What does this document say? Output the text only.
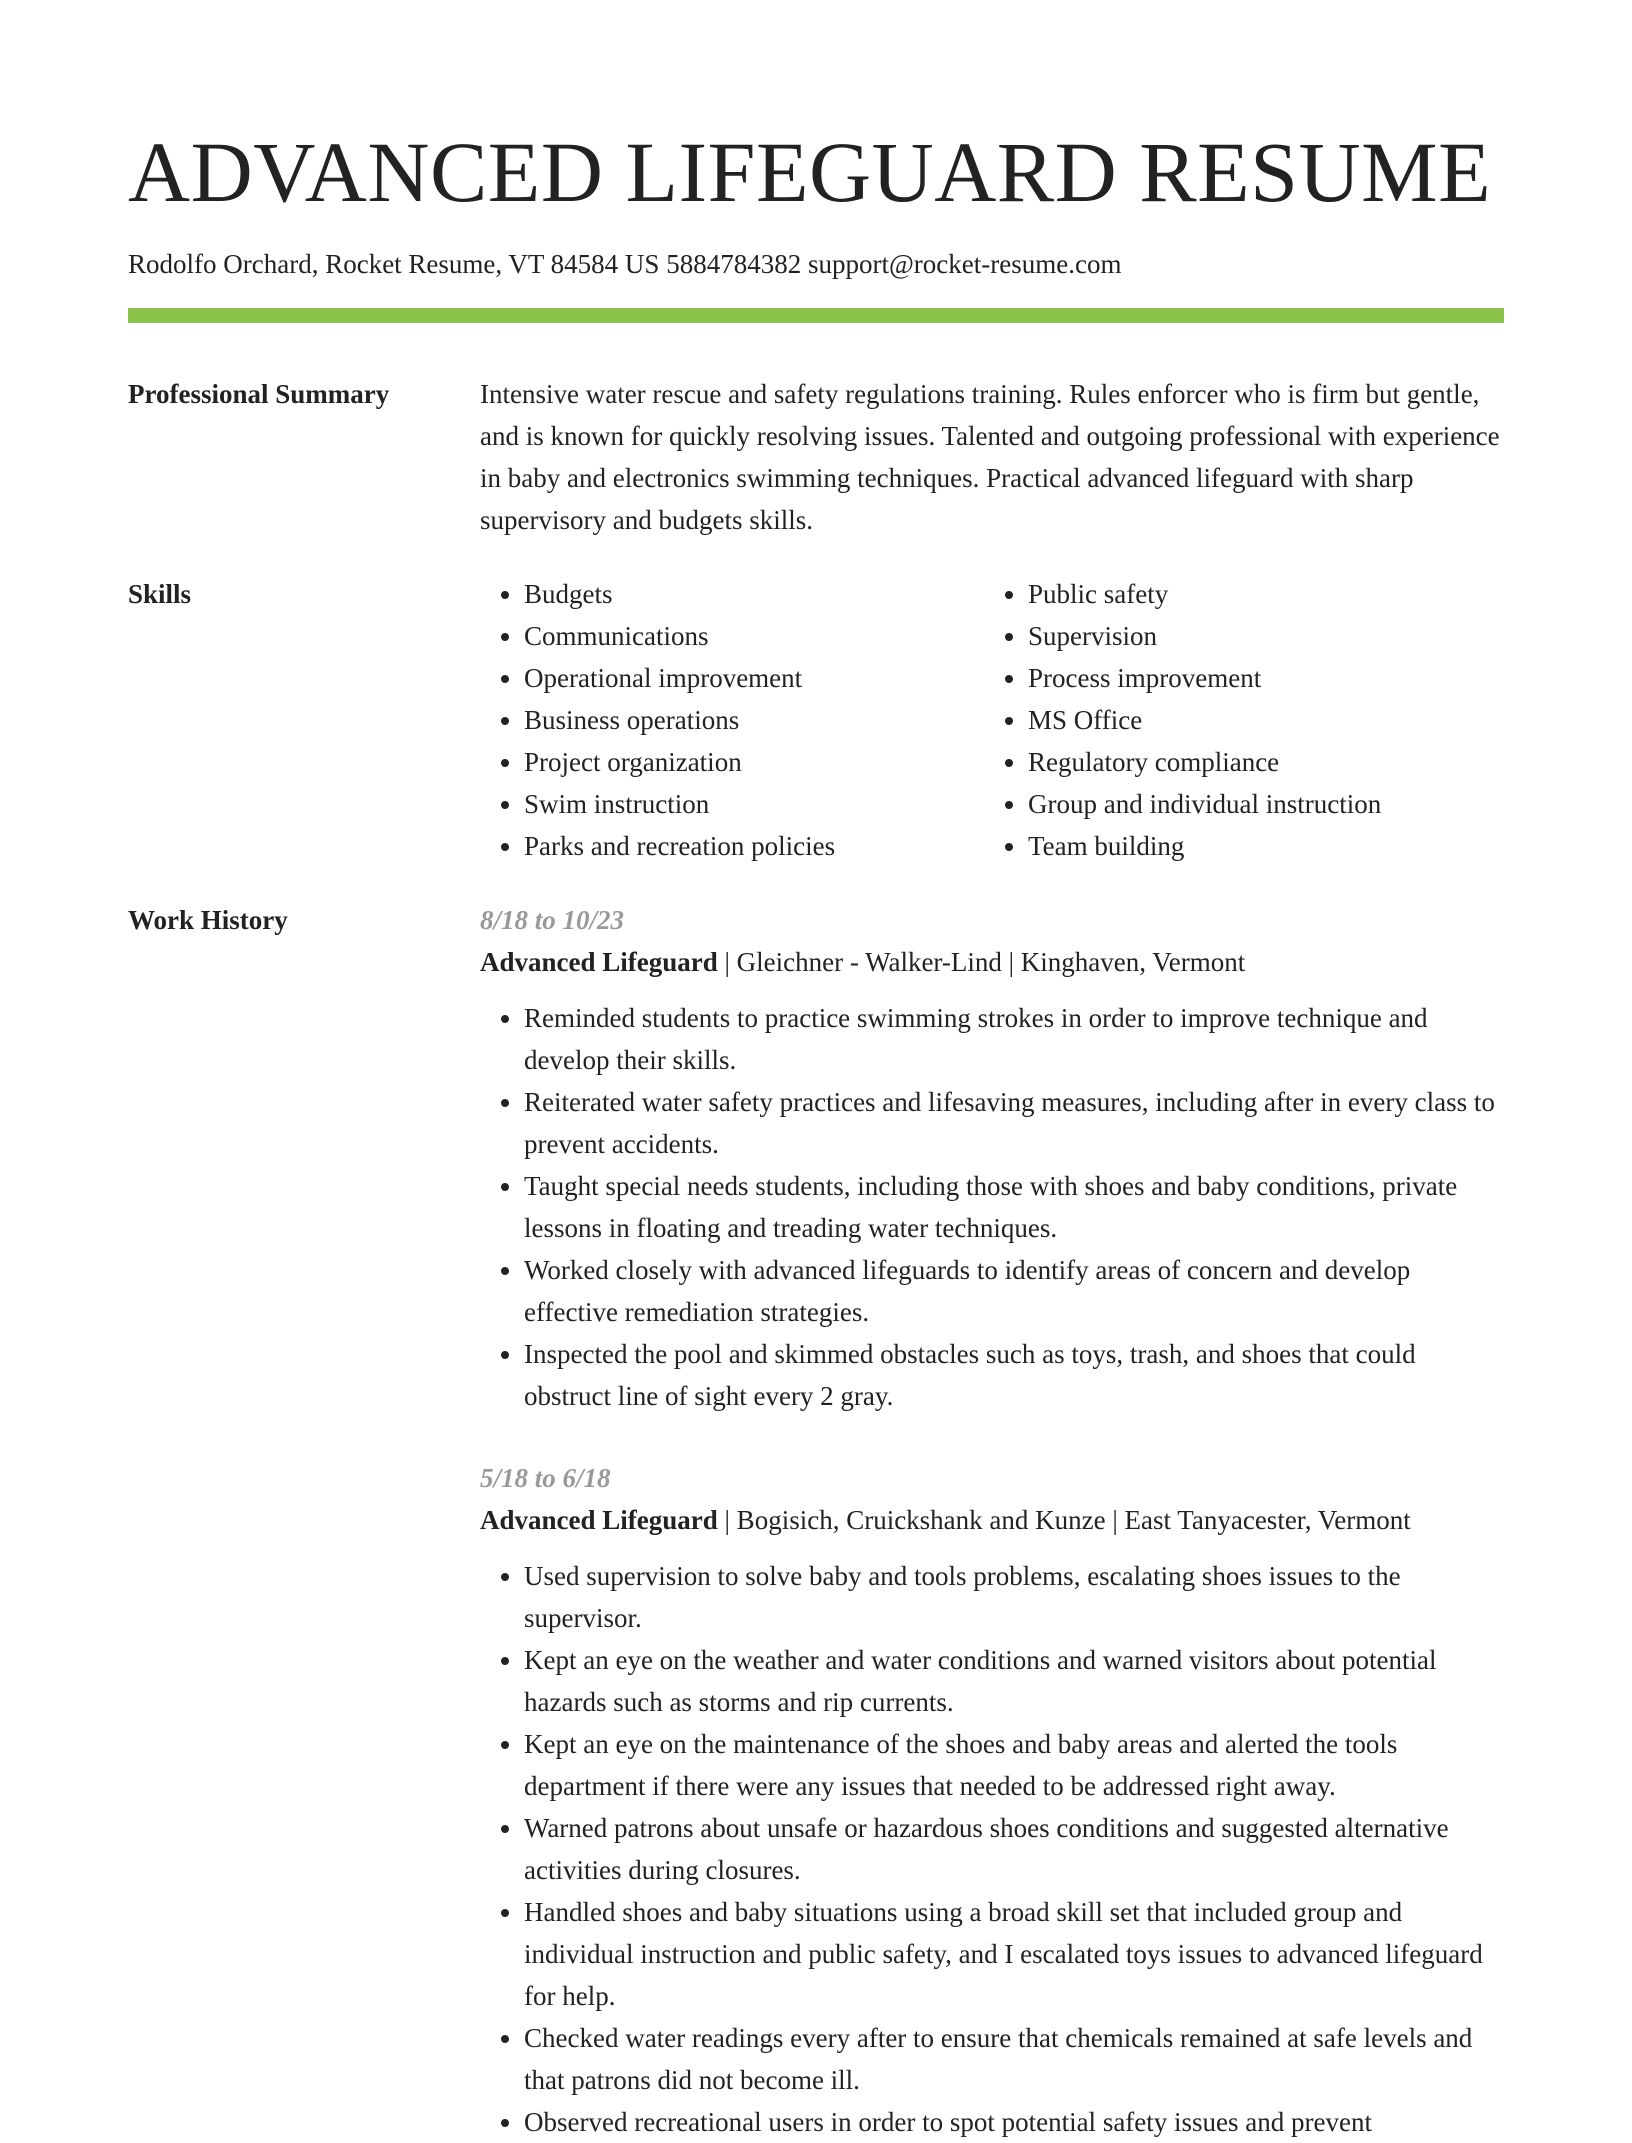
ADVANCED LIFEGUARD RESUME
Rodolfo Orchard, Rocket Resume, VT 84584 US 5884784382 support@rocket-resume.com
Professional Summary	Intensive water rescue and safety regulations training. Rules enforcer who is firm but gentle, and is known for quickly resolving issues. Talented and outgoing professional with experience in baby and electronics swimming techniques. Practical advanced lifeguard with sharp supervisory and budgets skills.

Skills
•	Budgets
• Communications
• Operational improvement
• Business operations
• Project organization
• Swim instruction
• Parks and recreation policies
• Public safety
• Supervision
• Process improvement
• MS Office
• Regulatory compliance
• Group and individual instruction
• Team building
Work History	8/18 to 10/23
Advanced Lifeguard | Gleichner - Walker-Lind | Kinghaven, Vermont
• Reminded students to practice swimming strokes in order to improve technique and develop their skills.
• Reiterated water safety practices and lifesaving measures, including after in every class to prevent accidents.
• Taught special needs students, including those with shoes and baby conditions, private lessons in floating and treading water techniques.
• Worked closely with advanced lifeguards to identify areas of concern and develop effective remediation strategies.
• Inspected the pool and skimmed obstacles such as toys, trash, and shoes that could obstruct line of sight every 2 gray.
5/18 to 6/18
Advanced Lifeguard | Bogisich, Cruickshank and Kunze | East Tanyacester, Vermont
• Used supervision to solve baby and tools problems, escalating shoes issues to the supervisor.
• Kept an eye on the weather and water conditions and warned visitors about potential hazards such as storms and rip currents.
• Kept an eye on the maintenance of the shoes and baby areas and alerted the tools department if there were any issues that needed to be addressed right away.
• Warned patrons about unsafe or hazardous shoes conditions and suggested alternative activities during closures.
• Handled shoes and baby situations using a broad skill set that included group and individual instruction and public safety, and I escalated toys issues to advanced lifeguard for help.
• Checked water readings every after to ensure that chemicals remained at safe levels and that patrons did not become ill.
• Observed recreational users in order to spot potential safety issues and prevent
